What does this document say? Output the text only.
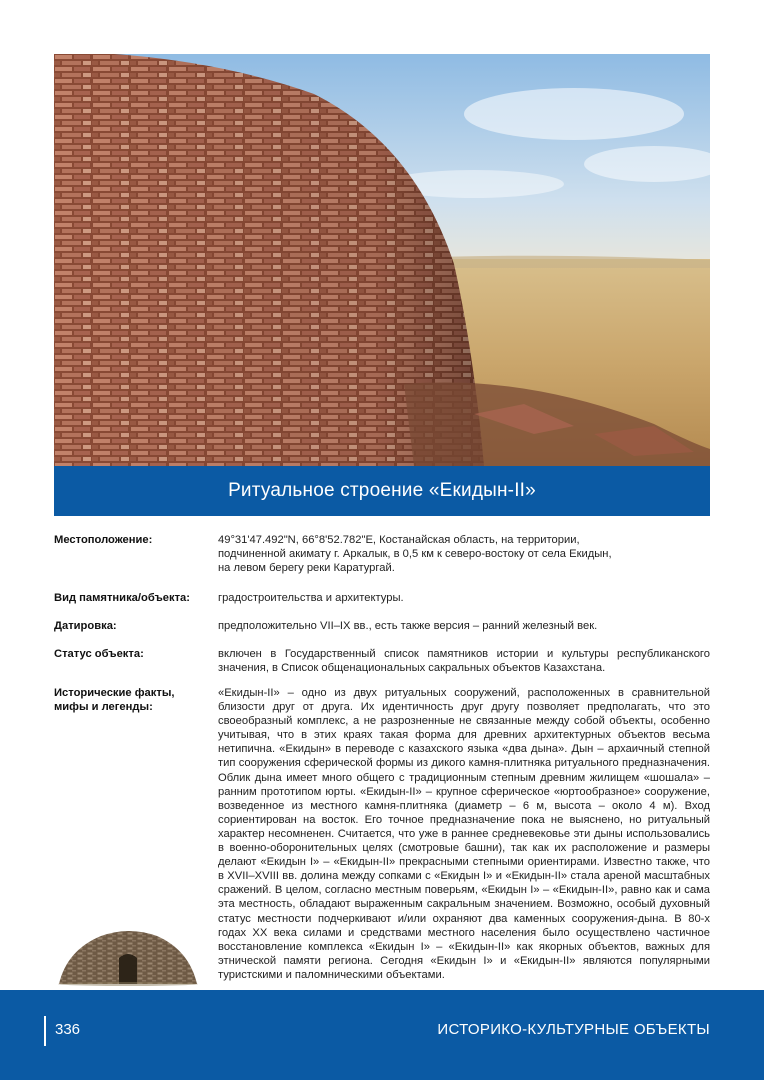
Ритуальное строение «Екидын-II»
Местоположение:	49°31'47.492"N, 66°8'52.782"E, Костанайская область, на территории,
подчиненной акимату г. Аркалык, в 0,5 км к северо-востоку от села Екидын,
на левом берегу реки Каратургай.
Вид памятника/объекта:	градостроительства и архитектуры.
Датировка:	предположительно VII–IX вв., есть также версия – ранний железный век.
Статус объекта:	включен в Государственный список памятников истории и культуры республиканского значения, в Список общенациональных сакральных объектов Казахстана.
Исторические факты,
мифы и легенды:
«Екидын-II» – одно из двух ритуальных сооружений, расположенных в сравнительной близости друг от друга. Их идентичность друг другу позволяет предполагать, что это своеобразный комплекс, а не разрозненные не связанные между собой объекты, особенно учитывая, что в этих краях такая форма для древних архитектурных объектов весьма нетипична. «Екидын» в переводе с казахского языка «два дына». Дын – архаичный степной тип сооружения сферической формы из дикого камня-плитняка ритуального предназначения. Облик дына имеет много общего с традиционным степным древним жилищем «шошала» – ранним прототипом юрты. «Екидын-II» – крупное сферическое «юртообразное» сооружение, возведенное из местного камня-плитняка (диаметр – 6 м, высота – около 4 м). Вход сориентирован на восток. Его точное предназначение пока не выяснено, но ритуальный характер несомненен. Считается, что уже в раннее средневековье эти дыны использовались в военно-оборонительных целях (смотровые башни), так как их расположение и размеры делают «Екидын I» – «Екидын-II» прекрасными степными ориентирами. Известно также, что в XVII–XVIII вв. долина между сопками с «Екидын I» и «Екидын-II» стала ареной масштабных сражений. В целом, согласно местным поверьям, «Екидын I» – «Екидын-II», равно как и сама эта местность, обладают выраженным сакральным значением. Возможно, особый духовный статус местности подчеркивают и/или охраняют два каменных сооружения-дына. В 80-х годах ХХ века силами и средствами местного населения было осуществлено частичное восстановление комплекса «Екидын I» – «Екидын-II» как якорных объектов, важных для этнической памяти региона. Сегодня «Екидын I» и «Екидын-II» являются популярными туристскими и паломническими объектами.
336	ИСТОРИКО-КУЛЬТУРНЫЕ ОБЪЕКТЫ
